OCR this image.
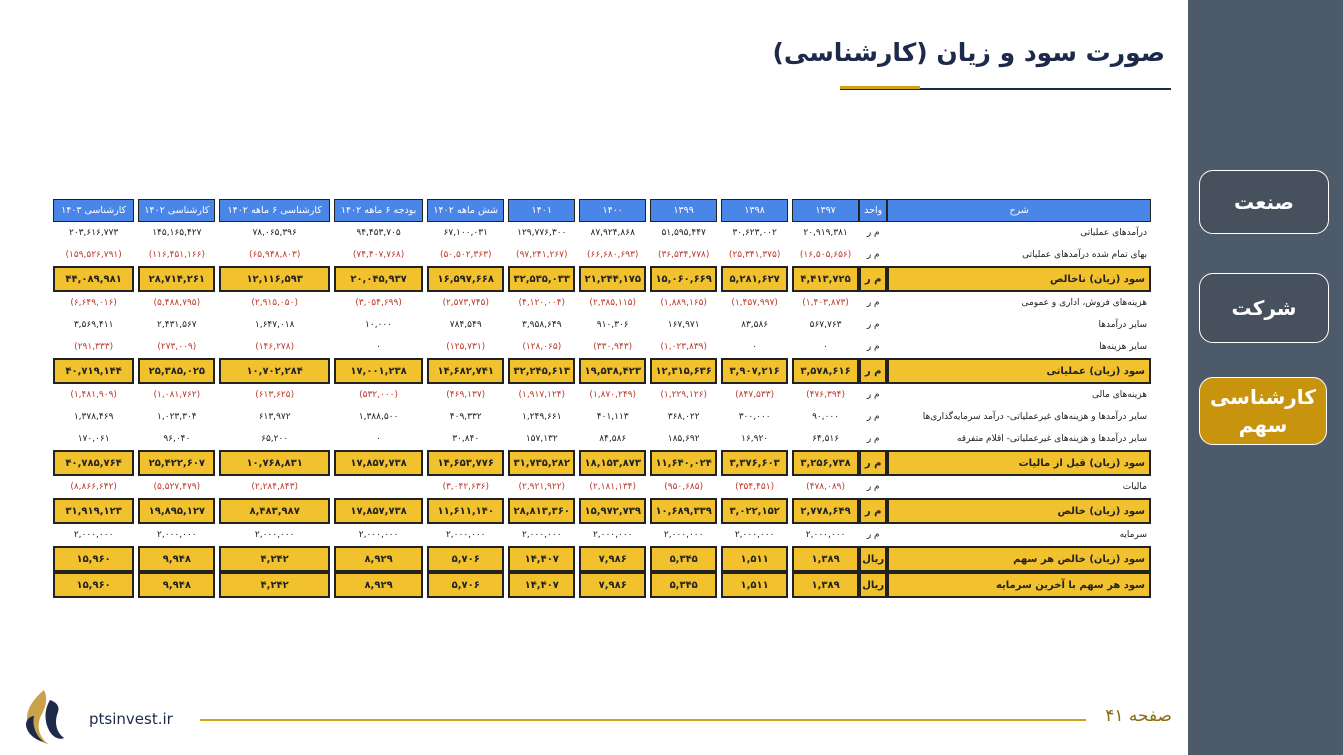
صنعت
شرکت
کارشناسی سهم
صورت سود و زیان (کارشناسی)
شرح	واحد	۱۳۹۷		۱۳۹۸		۱۳۹۹		۱۴۰۰		۱۴۰۱		شش ماهه ۱۴۰۲		بودجه ۶ ماهه ۱۴۰۲		کارشناسی ۶ ماهه ۱۴۰۲		کارشناسی ۱۴۰۲		کارشناسی ۱۴۰۳
درآمدهای عملیاتی	م ر	۲۰,۹۱۹,۳۸۱		۳۰,۶۲۳,۰۰۲		۵۱,۵۹۵,۴۴۷		۸۷,۹۲۴,۸۶۸		۱۲۹,۷۷۶,۳۰۰		۶۷,۱۰۰,۰۳۱		۹۴,۴۵۳,۷۰۵		۷۸,۰۶۵,۳۹۶		۱۴۵,۱۶۵,۴۲۷		۲۰۳,۶۱۶,۷۷۳
بهای تمام شده درآمدهای عملیاتی	م ر	(۱۶,۵۰۵,۶۵۶)		(۲۵,۳۴۱,۳۷۵)		(۳۶,۵۳۴,۷۷۸)		(۶۶,۶۸۰,۶۹۳)		(۹۷,۲۴۱,۲۶۷)		(۵۰,۵۰۲,۳۶۳)		(۷۴,۴۰۷,۷۶۸)		(۶۵,۹۴۸,۸۰۳)		(۱۱۶,۴۵۱,۱۶۶)		(۱۵۹,۵۲۶,۷۹۱)
سود (زیان) ناخالص	م ر	۴,۴۱۳,۷۲۵		۵,۲۸۱,۶۲۷		۱۵,۰۶۰,۶۶۹		۲۱,۲۴۴,۱۷۵		۳۲,۵۳۵,۰۳۳		۱۶,۵۹۷,۶۶۸		۲۰,۰۴۵,۹۳۷		۱۲,۱۱۶,۵۹۳		۲۸,۷۱۴,۲۶۱		۴۴,۰۸۹,۹۸۱
هزینه‌های فروش، اداری و عمومی	م ر	(۱,۴۰۳,۸۷۳)		(۱,۴۵۷,۹۹۷)		(۱,۸۸۹,۱۶۵)		(۲,۳۸۵,۱۱۵)		(۴,۱۲۰,۰۰۴)		(۲,۵۷۳,۷۴۵)		(۳,۰۵۴,۶۹۹)		(۲,۹۱۵,۰۵۰)		(۵,۴۸۸,۷۹۵)		(۶,۶۴۹,۰۱۶)
سایر درآمدها	م ر	۵۶۷,۷۶۳		۸۳,۵۸۶		۱۶۷,۹۷۱		۹۱۰,۳۰۶		۳,۹۵۸,۶۴۹		۷۸۴,۵۴۹		۱۰,۰۰۰		۱,۶۴۷,۰۱۸		۲,۴۳۱,۵۶۷		۳,۵۶۹,۴۱۱
سایر هزینه‌ها	م ر	۰		۰		(۱,۰۲۳,۸۳۹)		(۳۳۰,۹۴۳)		(۱۲۸,۰۶۵)		(۱۲۵,۷۳۱)		۰		(۱۴۶,۲۷۸)		(۲۷۳,۰۰۹)		(۲۹۱,۳۳۳)
سود (زیان) عملیاتی	م ر	۳,۵۷۸,۶۱۶		۳,۹۰۷,۲۱۶		۱۲,۳۱۵,۶۳۶		۱۹,۵۳۸,۴۲۳		۳۲,۲۴۵,۶۱۳		۱۴,۶۸۲,۷۴۱		۱۷,۰۰۱,۲۳۸		۱۰,۷۰۲,۲۸۴		۲۵,۳۸۵,۰۲۵		۴۰,۷۱۹,۱۴۴
هزینه‌های مالی	م ر	(۴۷۶,۳۹۴)		(۸۴۷,۵۳۳)		(۱,۲۲۹,۱۲۶)		(۱,۸۷۰,۲۴۹)		(۱,۹۱۷,۱۲۴)		(۴۶۹,۱۳۷)		(۵۳۲,۰۰۰)		(۶۱۳,۶۲۵)		(۱,۰۸۱,۷۶۲)		(۱,۴۸۱,۹۰۹)
سایر درآمدها و هزینه‌های غیرعملیاتی- درآمد سرمایه‌گذاری‌ها	م ر	۹۰,۰۰۰		۳۰۰,۰۰۰		۳۶۸,۰۲۲		۴۰۱,۱۱۳		۱,۲۴۹,۶۶۱		۴۰۹,۳۳۲		۱,۳۸۸,۵۰۰		۶۱۳,۹۷۲		۱,۰۲۳,۳۰۴		۱,۳۷۸,۴۶۹
سایر درآمدها و هزینه‌های غیرعملیاتی- اقلام متفرقه	م ر	۶۴,۵۱۶		۱۶,۹۲۰		۱۸۵,۶۹۲		۸۴,۵۸۶		۱۵۷,۱۳۲		۳۰,۸۴۰		۰		۶۵,۲۰۰		۹۶,۰۴۰		۱۷۰,۰۶۱
سود (زیان) قبل از مالیات	م ر	۳,۲۵۶,۷۳۸		۳,۳۷۶,۶۰۳		۱۱,۶۴۰,۰۲۴		۱۸,۱۵۳,۸۷۳		۳۱,۷۳۵,۲۸۲		۱۴,۶۵۳,۷۷۶		۱۷,۸۵۷,۷۳۸		۱۰,۷۶۸,۸۳۱		۲۵,۴۲۲,۶۰۷		۴۰,۷۸۵,۷۶۴
مالیات	م ر	(۴۷۸,۰۸۹)		(۳۵۴,۴۵۱)		(۹۵۰,۶۸۵)		(۲,۱۸۱,۱۳۴)		(۲,۹۲۱,۹۲۲)		(۳,۰۴۲,۶۳۶)				(۲,۲۸۴,۸۴۳)		(۵,۵۲۷,۴۷۹)		(۸,۸۶۶,۶۴۲)
سود (زیان) خالص	م ر	۲,۷۷۸,۶۴۹		۳,۰۲۲,۱۵۲		۱۰,۶۸۹,۳۳۹		۱۵,۹۷۲,۷۳۹		۲۸,۸۱۳,۳۶۰		۱۱,۶۱۱,۱۴۰		۱۷,۸۵۷,۷۳۸		۸,۴۸۳,۹۸۷		۱۹,۸۹۵,۱۲۷		۳۱,۹۱۹,۱۲۳
سرمایه	م ر	۲,۰۰۰,۰۰۰		۲,۰۰۰,۰۰۰		۲,۰۰۰,۰۰۰		۲,۰۰۰,۰۰۰		۲,۰۰۰,۰۰۰		۲,۰۰۰,۰۰۰		۲,۰۰۰,۰۰۰		۲,۰۰۰,۰۰۰		۲,۰۰۰,۰۰۰		۲,۰۰۰,۰۰۰
سود (زیان) خالص هر سهم	ریال	۱,۳۸۹		۱,۵۱۱		۵,۳۴۵		۷,۹۸۶		۱۴,۴۰۷		۵,۷۰۶		۸,۹۲۹		۴,۲۴۲		۹,۹۴۸		۱۵,۹۶۰
سود هر سهم با آخرین سرمایه	ریال	۱,۳۸۹		۱,۵۱۱		۵,۳۴۵		۷,۹۸۶		۱۴,۴۰۷		۵,۷۰۶		۸,۹۲۹		۴,۲۴۲		۹,۹۴۸		۱۵,۹۶۰
ptsinvest.ir	صفحه ۴۱
